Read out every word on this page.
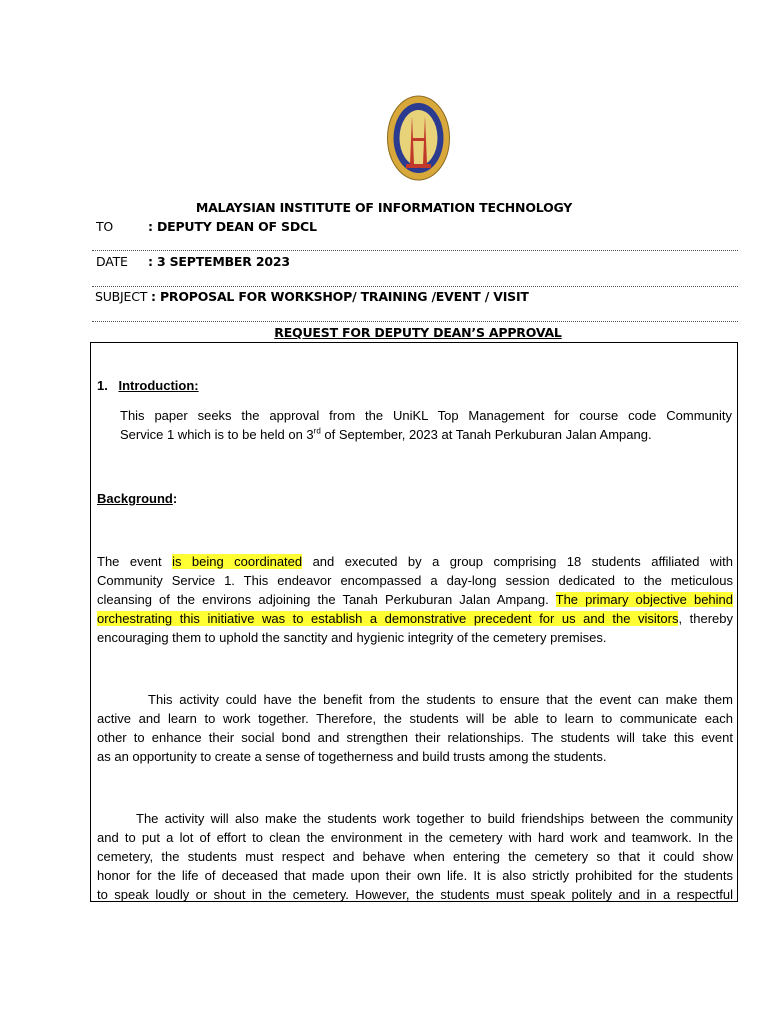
MALAYSIAN INSTITUTE OF INFORMATION TECHNOLOGY
TO	: DEPUTY DEAN OF SDCL
DATE : 3 SEPTEMBER 2023
SUBJECT : PROPOSAL FOR WORKSHOP/ TRAINING /EVENT / VISIT
REQUEST FOR DEPUTY DEAN’S APPROVAL
1. Introduction:
This paper seeks the approval from the UniKL Top Management for course code Community
Service 1 which is to be held on 3rd of September, 2023 at Tanah Perkuburan Jalan Ampang.
Background:
The event is being coordinated and executed by a group comprising 18 students affiliated with
Community Service 1. This endeavor encompassed a day-long session dedicated to the meticulous
cleansing of the environs adjoining the Tanah Perkuburan Jalan Ampang. The primary objective behind
orchestrating this initiative was to establish a demonstrative precedent for us and the visitors, thereby
encouraging them to uphold the sanctity and hygienic integrity of the cemetery premises.
This activity could have the benefit from the students to ensure that the event can make them
active and learn to work together. Therefore, the students will be able to learn to communicate each
other to enhance their social bond and strengthen their relationships. The students will take this event
as an opportunity to create a sense of togetherness and build trusts among the students.
The activity will also make the students work together to build friendships between the community
and to put a lot of effort to clean the environment in the cemetery with hard work and teamwork. In the
cemetery, the students must respect and behave when entering the cemetery so that it could show
honor for the life of deceased that made upon their own life. It is also strictly prohibited for the students
to speak loudly or shout in the cemetery. However, the students must speak politely and in a respectful
